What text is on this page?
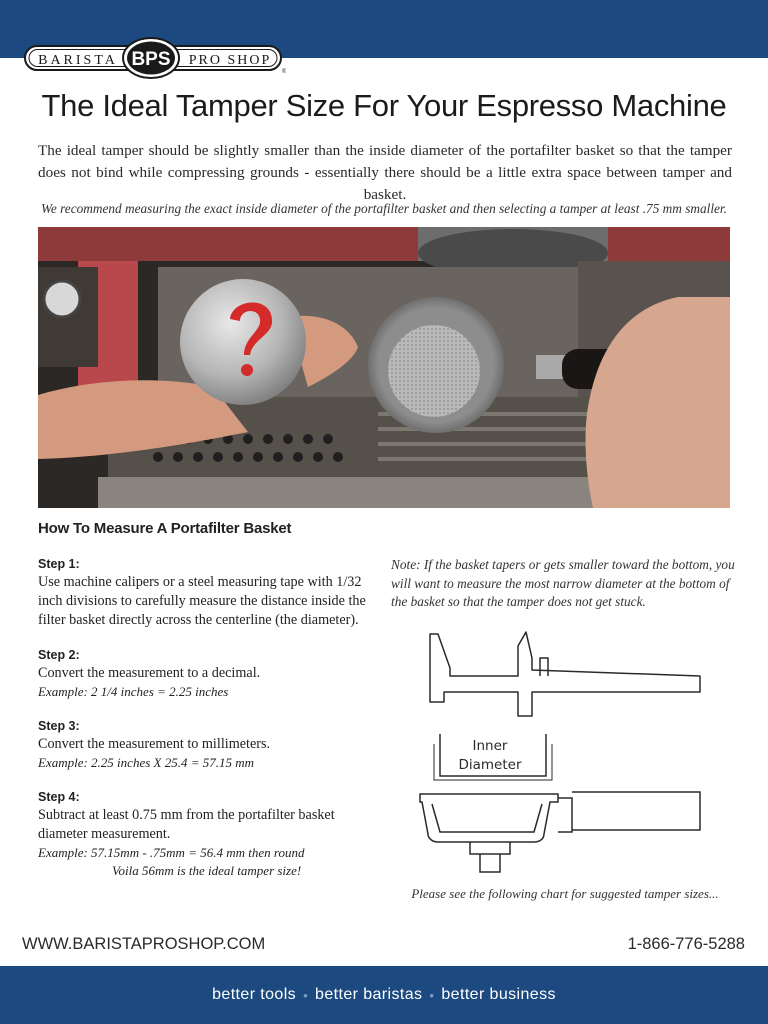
BARISTA BPS PRO SHOP
®
The Ideal Tamper Size For Your Espresso Machine
The ideal tamper should be slightly smaller than the inside diameter of the portafilter basket so that the tamper does not bind while compressing grounds - essentially there should be a little extra space between tamper and basket.
We recommend measuring the exact inside diameter of the portafilter basket and then selecting a tamper at least .75 mm smaller.
How To Measure A Portafilter Basket
Step 1:
Use machine calipers or a steel measuring tape with 1/32 inch divisions to carefully measure the distance inside the filter basket directly across the centerline (the diameter).
Step 2:
Convert the measurement to a decimal.
Example: 2 1/4 inches = 2.25 inches
Step 3:
Convert the measurement to millimeters.
Example: 2.25 inches X 25.4 = 57.15 mm
Step 4:
Subtract at least 0.75 mm from the portafilter basket diameter measurement.
Example: 57.15mm - .75mm = 56.4 mm then round
Voila 56mm is the ideal tamper size!
Note: If the basket tapers or gets smaller toward the bottom, you will want to measure the most narrow diameter at the bottom of the basket so that the tamper does not get stuck.
Inner
Diameter
Please see the following chart for suggested tamper sizes...
WWW.BARISTAPROSHOP.COM	1-866-776-5288
better tools • better baristas • better business
